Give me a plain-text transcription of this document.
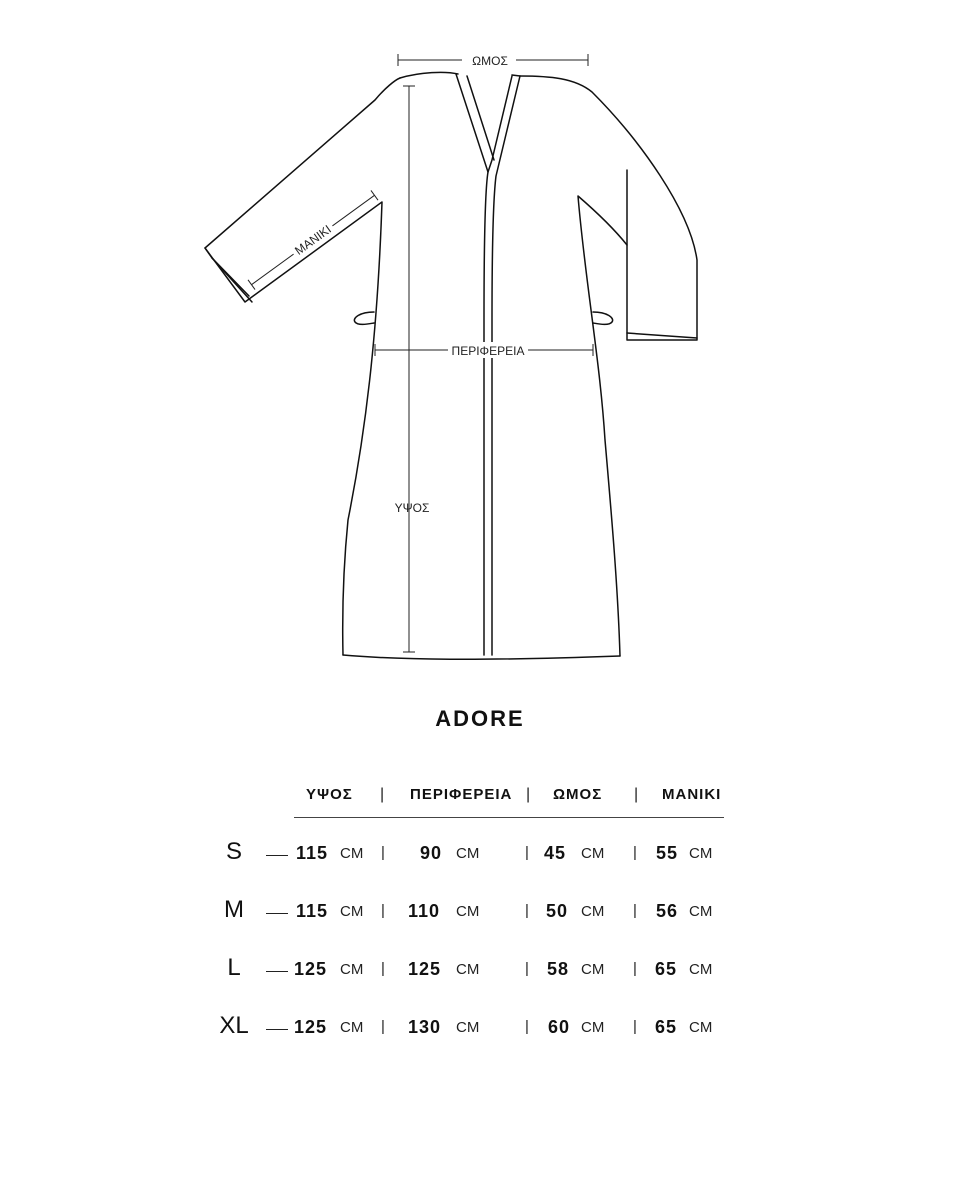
ΩΜΟΣ
ΜΑΝΙΚΙ
ΠΕΡΙΦΕΡΕΙΑ
ΥΨΟΣ
ADORE
ΥΨΟΣ | ΠΕΡΙΦΕΡΕΙΑ | ΩΜΟΣ | ΜΑΝΙΚΙ
S	115 CM | 90 CM	| 45 CM | 55 CM
M	115 CM | 110 CM	| 50 CM | 56 CM
L	125 CM | 125 CM	| 58 CM | 65 CM
XL	125 CM | 130 CM	| 60 CM | 65 CM
